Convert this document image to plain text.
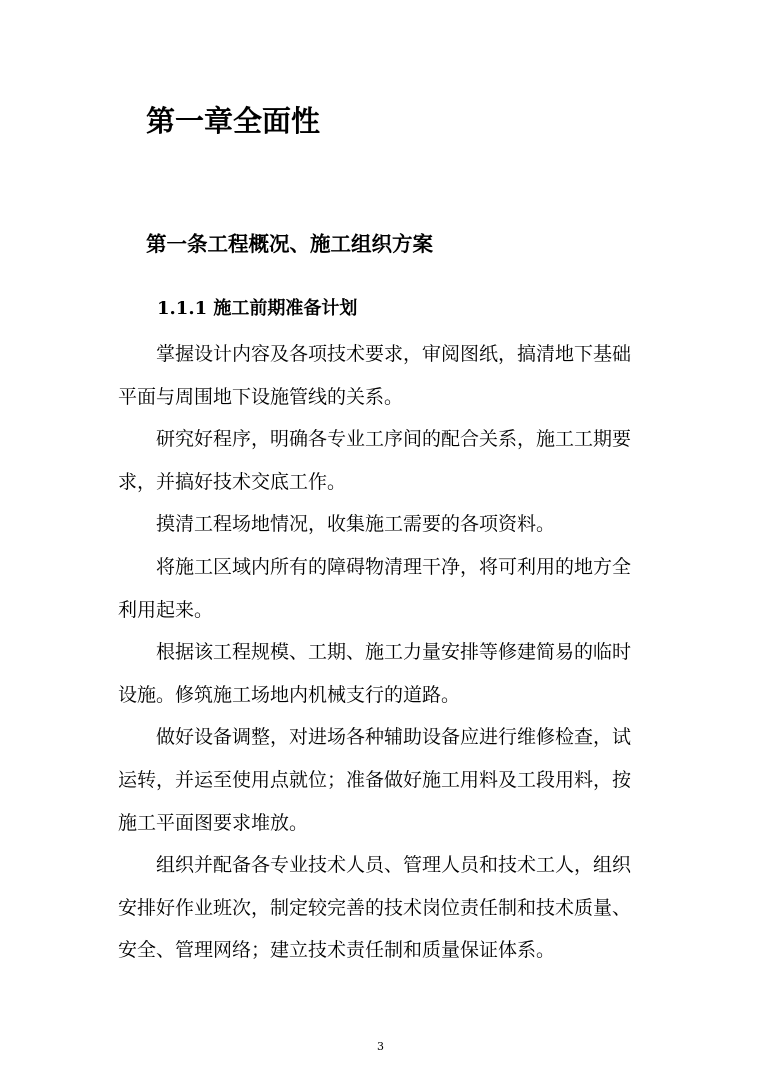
第一章全面性
第一条工程概况、施工组织方案
1.1.1 施工前期准备计划

掌握设计内容及各项技术要求，审阅图纸，搞清地下基础平面与周围地下设施管线的关系。

研究好程序，明确各专业工序间的配合关系，施工工期要求，并搞好技术交底工作。

摸清工程场地情况，收集施工需要的各项资料。

将施工区域内所有的障碍物清理干净，将可利用的地方全利用起来。

根据该工程规模、工期、施工力量安排等修建简易的临时设施。修筑施工场地内机械支行的道路。

做好设备调整，对进场各种辅助设备应进行维修检查，试运转，并运至使用点就位；准备做好施工用料及工段用料，按施工平面图要求堆放。

组织并配备各专业技术人员、管理人员和技术工人，组织安排好作业班次，制定较完善的技术岗位责任制和技术质量、安全、管理网络；建立技术责任制和质量保证体系。

3
